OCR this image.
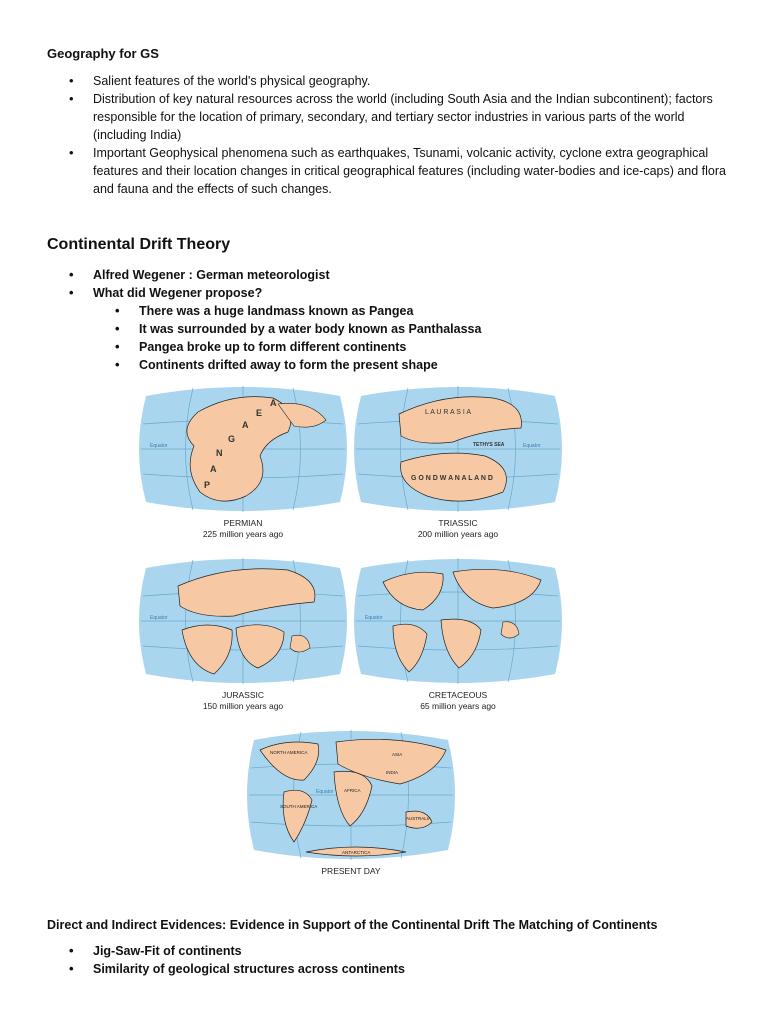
Geography for GS
• Salient features of the world's physical geography.
• Distribution of key natural resources across the world (including South Asia and the Indian subcontinent); factors responsible for the location of primary, secondary, and tertiary sector industries in various parts of the world (including India)
• Important Geophysical phenomena such as earthquakes, Tsunami, volcanic activity, cyclone extra geographical features and their location changes in critical geographical features (including water-bodies and ice-caps) and flora and fauna and the effects of such changes.
Continental Drift Theory
• Alfred Wegener : German meteorologist
• What did Wegener propose?
• There was a huge landmass known as Pangea
• It was surrounded by a water body known as Panthalassa
• Pangea broke up to form different continents
• Continents drifted away to form the present shape
Equator
P
A
N
G
A
E
A
PERMIAN
225 million years ago
Equator
L A U R A S I A
TETHYS SEA
G O N D W A N A L A N D
TRIASSIC
200 million years ago
Equator
JURASSIC
150 million years ago
Equator
CRETACEOUS
65 million years ago
Equator
NORTH AMERICA	ASIA
INDIA
AFRICA
SOUTH AMERICA
AUSTRALIA
ANTARCTICA
PRESENT DAY
Direct and Indirect Evidences: Evidence in Support of the Continental Drift The Matching of Continents
• Jig-Saw-Fit of continents
• Similarity of geological structures across continents
